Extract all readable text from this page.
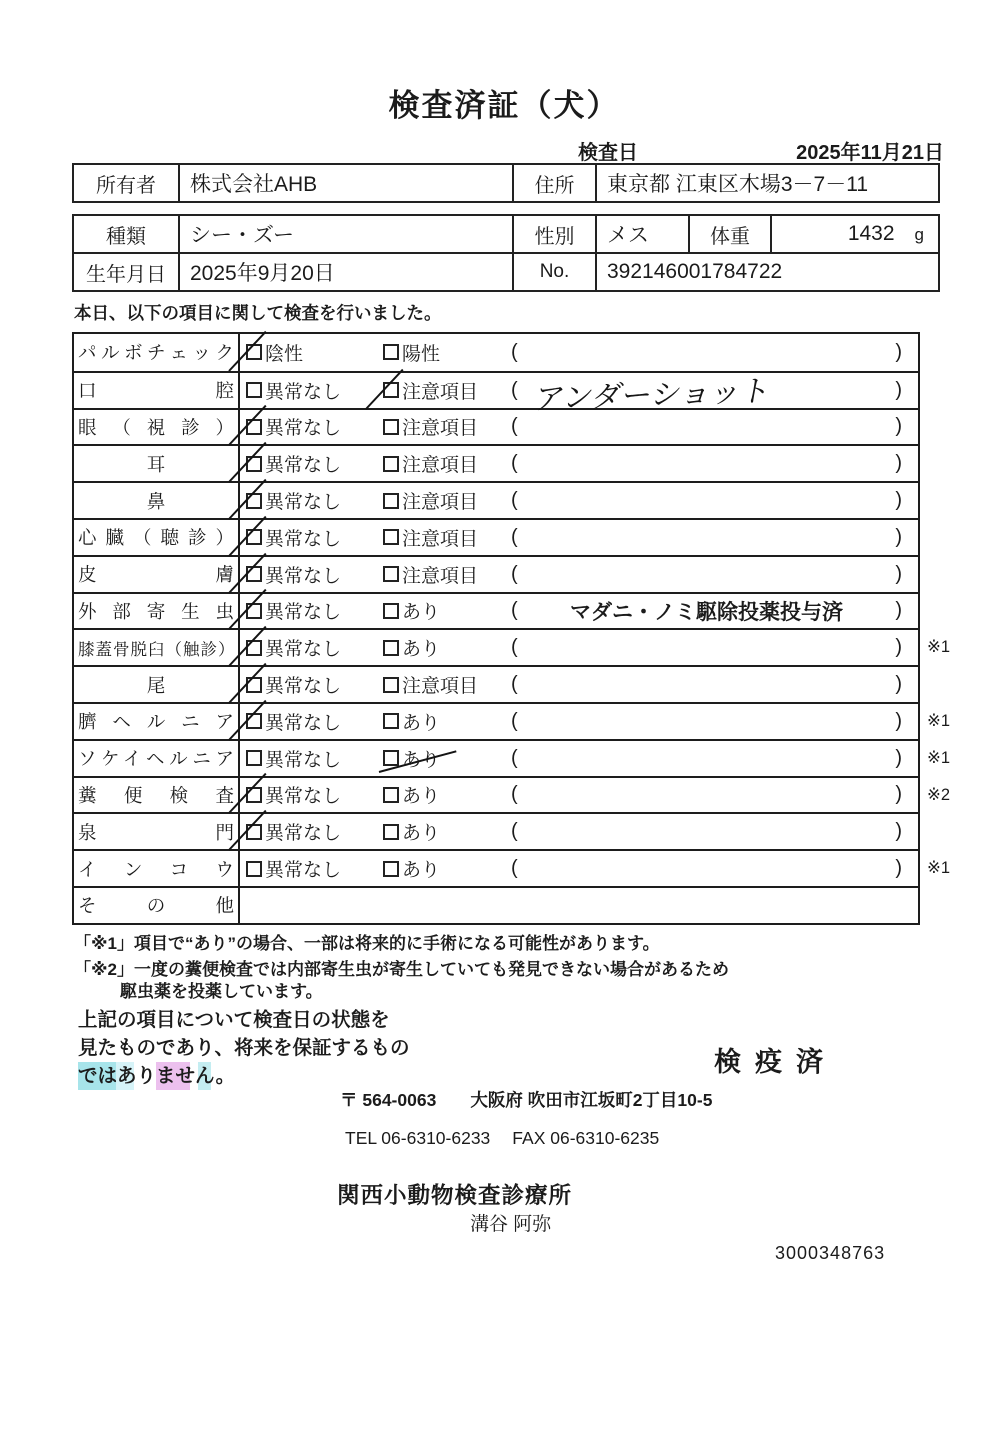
検査済証（犬）
検査日	2025年11月21日
所有者	株式会社AHB	住所	東京都 江東区木場3－7－11
種類	シー・ズー	性別	メス	体重	1432 g
生年月日	2025年9月20日	No.	392146001784722		
本日、以下の項目に関して検査を行いました。
パルボチェック 陰性	陽性	(	)
口腔 異常なし	注意項目 ( アンダーショット	)
眼（視診） 異常なし	注意項目 (	)
耳	異常なし	注意項目 (	)
鼻	異常なし	注意項目 (	)
心臓（聴診） 異常なし	注意項目 (	)
皮膚 異常なし	注意項目 (	)
外部寄生虫 異常なし	あり	(	マダニ・ノミ駆除投薬投与済	)
膝蓋骨脱臼（触診） 異常なし	あり	(	) ※1
尾	異常なし	注意項目 (	)
臍ヘルニア 異常なし	あり	(	) ※1
ソケイヘルニア 異常なし	あり	(	) ※1
糞便検査 異常なし	あり	(	) ※2
泉門 異常なし	あり	(	)
インコウ 異常なし	あり	(	) ※1
その他
「※1」項目で“あり”の場合、一部は将来的に手術になる可能性があります。
「※2」一度の糞便検査では内部寄生虫が寄生していても発見できない場合があるため
駆虫薬を投薬しています。
上記の項目について検査日の状態を
見たものであり、将来を保証するもの
ではありません。	検疫済
〒 564-0063 大阪府 吹田市江坂町2丁目10-5
TEL 06-6310-6233 FAX 06-6310-6235
関西小動物検査診療所
溝谷 阿弥
3000348763
